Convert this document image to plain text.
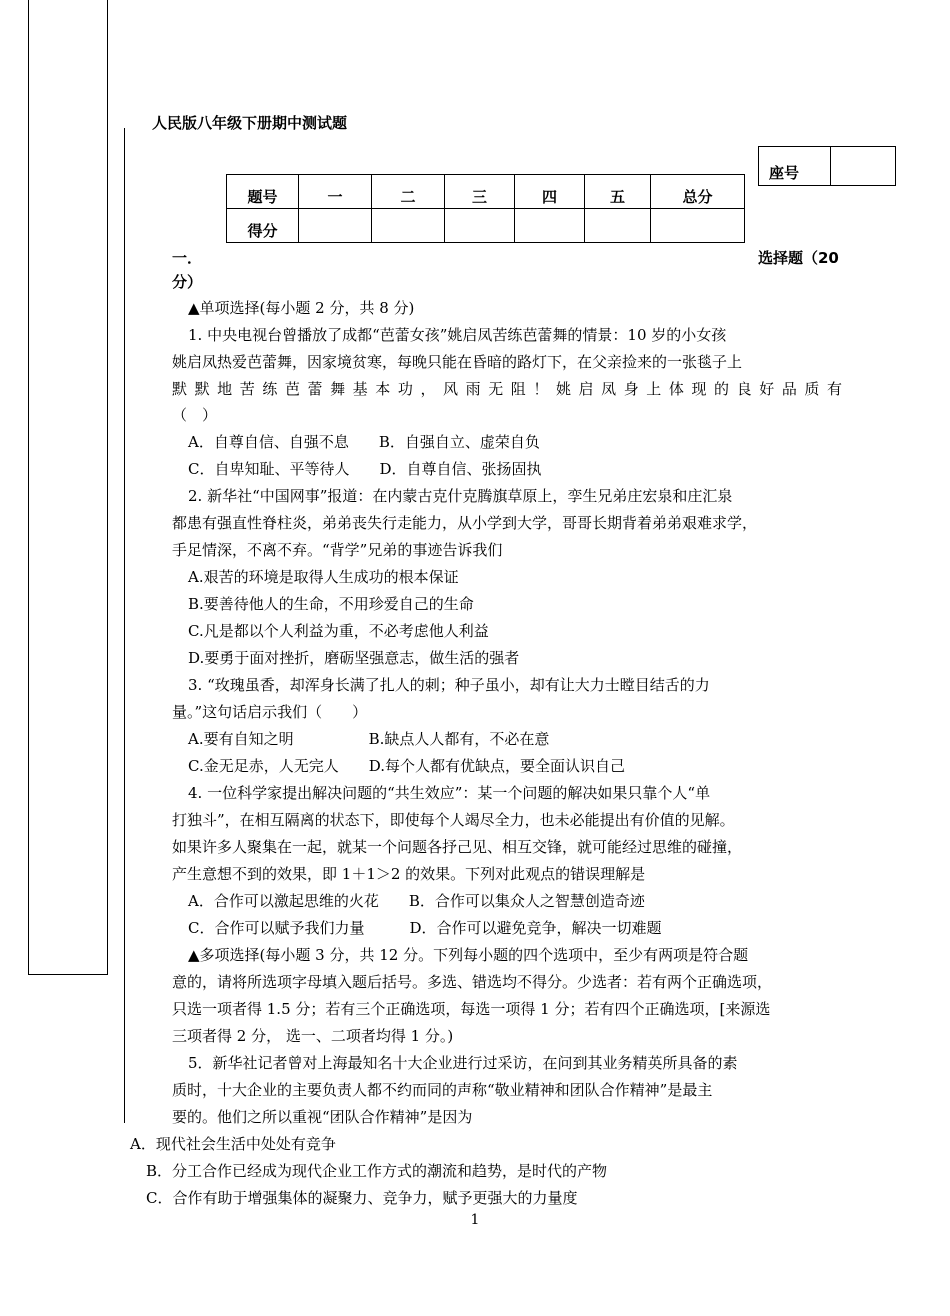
人民版八年级下册期中测试题
座号	
题号	一	二	三	四	五	总分
得分						
一．	选择题（20
分）
▲单项选择(每小题 2 分，共 8 分)
1. 中央电视台曾播放了成都“芭蕾女孩”姚启凤苦练芭蕾舞的情景：10 岁的小女孩
姚启凤热爱芭蕾舞，因家境贫寒，每晚只能在昏暗的路灯下，在父亲捡来的一张毯子上
默默地苦练芭蕾舞基本功，风雨无阻！姚启凤身上体现的良好品质有
（　）
A．自尊自信、自强不息　　B．自强自立、虚荣自负
C．自卑知耻、平等待人　　D．自尊自信、张扬固执
2. 新华社“中国网事”报道：在内蒙古克什克腾旗草原上，孪生兄弟庄宏泉和庄汇泉
都患有强直性脊柱炎，弟弟丧失行走能力，从小学到大学，哥哥长期背着弟弟艰难求学，
手足情深，不离不弃。“背学”兄弟的事迹告诉我们
A.艰苦的环境是取得人生成功的根本保证
B.要善待他人的生命，不用珍爱自己的生命
C.凡是都以个人利益为重，不必考虑他人利益
D.要勇于面对挫折，磨砺坚强意志，做生活的强者
3. “玫瑰虽香，却浑身长满了扎人的刺；种子虽小，却有让大力士瞠目结舌的力
量。”这句话启示我们（　　）
A.要有自知之明　　　　　B.缺点人人都有，不必在意
C.金无足赤，人无完人　　D.每个人都有优缺点，要全面认识自己
4. 一位科学家提出解决问题的“共生效应”：某一个问题的解决如果只靠个人“单
打独斗”，在相互隔离的状态下，即使每个人竭尽全力，也未必能提出有价值的见解。
如果许多人聚集在一起，就某一个问题各抒己见、相互交锋，就可能经过思维的碰撞，
产生意想不到的效果，即 1＋1＞2 的效果。下列对此观点的错误理解是
A．合作可以激起思维的火花　　B．合作可以集众人之智慧创造奇迹
C．合作可以赋予我们力量　　　D．合作可以避免竞争，解决一切难题
▲多项选择(每小题 3 分，共 12 分。下列每小题的四个选项中，至少有两项是符合题
意的，请将所选项字母填入题后括号。多选、错选均不得分。少选者：若有两个正确选项，
只选一项者得 1.5 分；若有三个正确选项，每选一项得 1 分；若有四个正确选项，[来源选
三项者得 2 分， 选一、二项者均得 1 分。)
5．新华社记者曾对上海最知名十大企业进行过采访，在问到其业务精英所具备的素
质时，十大企业的主要负责人都不约而同的声称“敬业精神和团队合作精神”是最主
要的。他们之所以重视“团队合作精神”是因为
A．现代社会生活中处处有竞争
B．分工合作已经成为现代企业工作方式的潮流和趋势，是时代的产物
C．合作有助于增强集体的凝聚力、竞争力，赋予更强大的力量度
1
